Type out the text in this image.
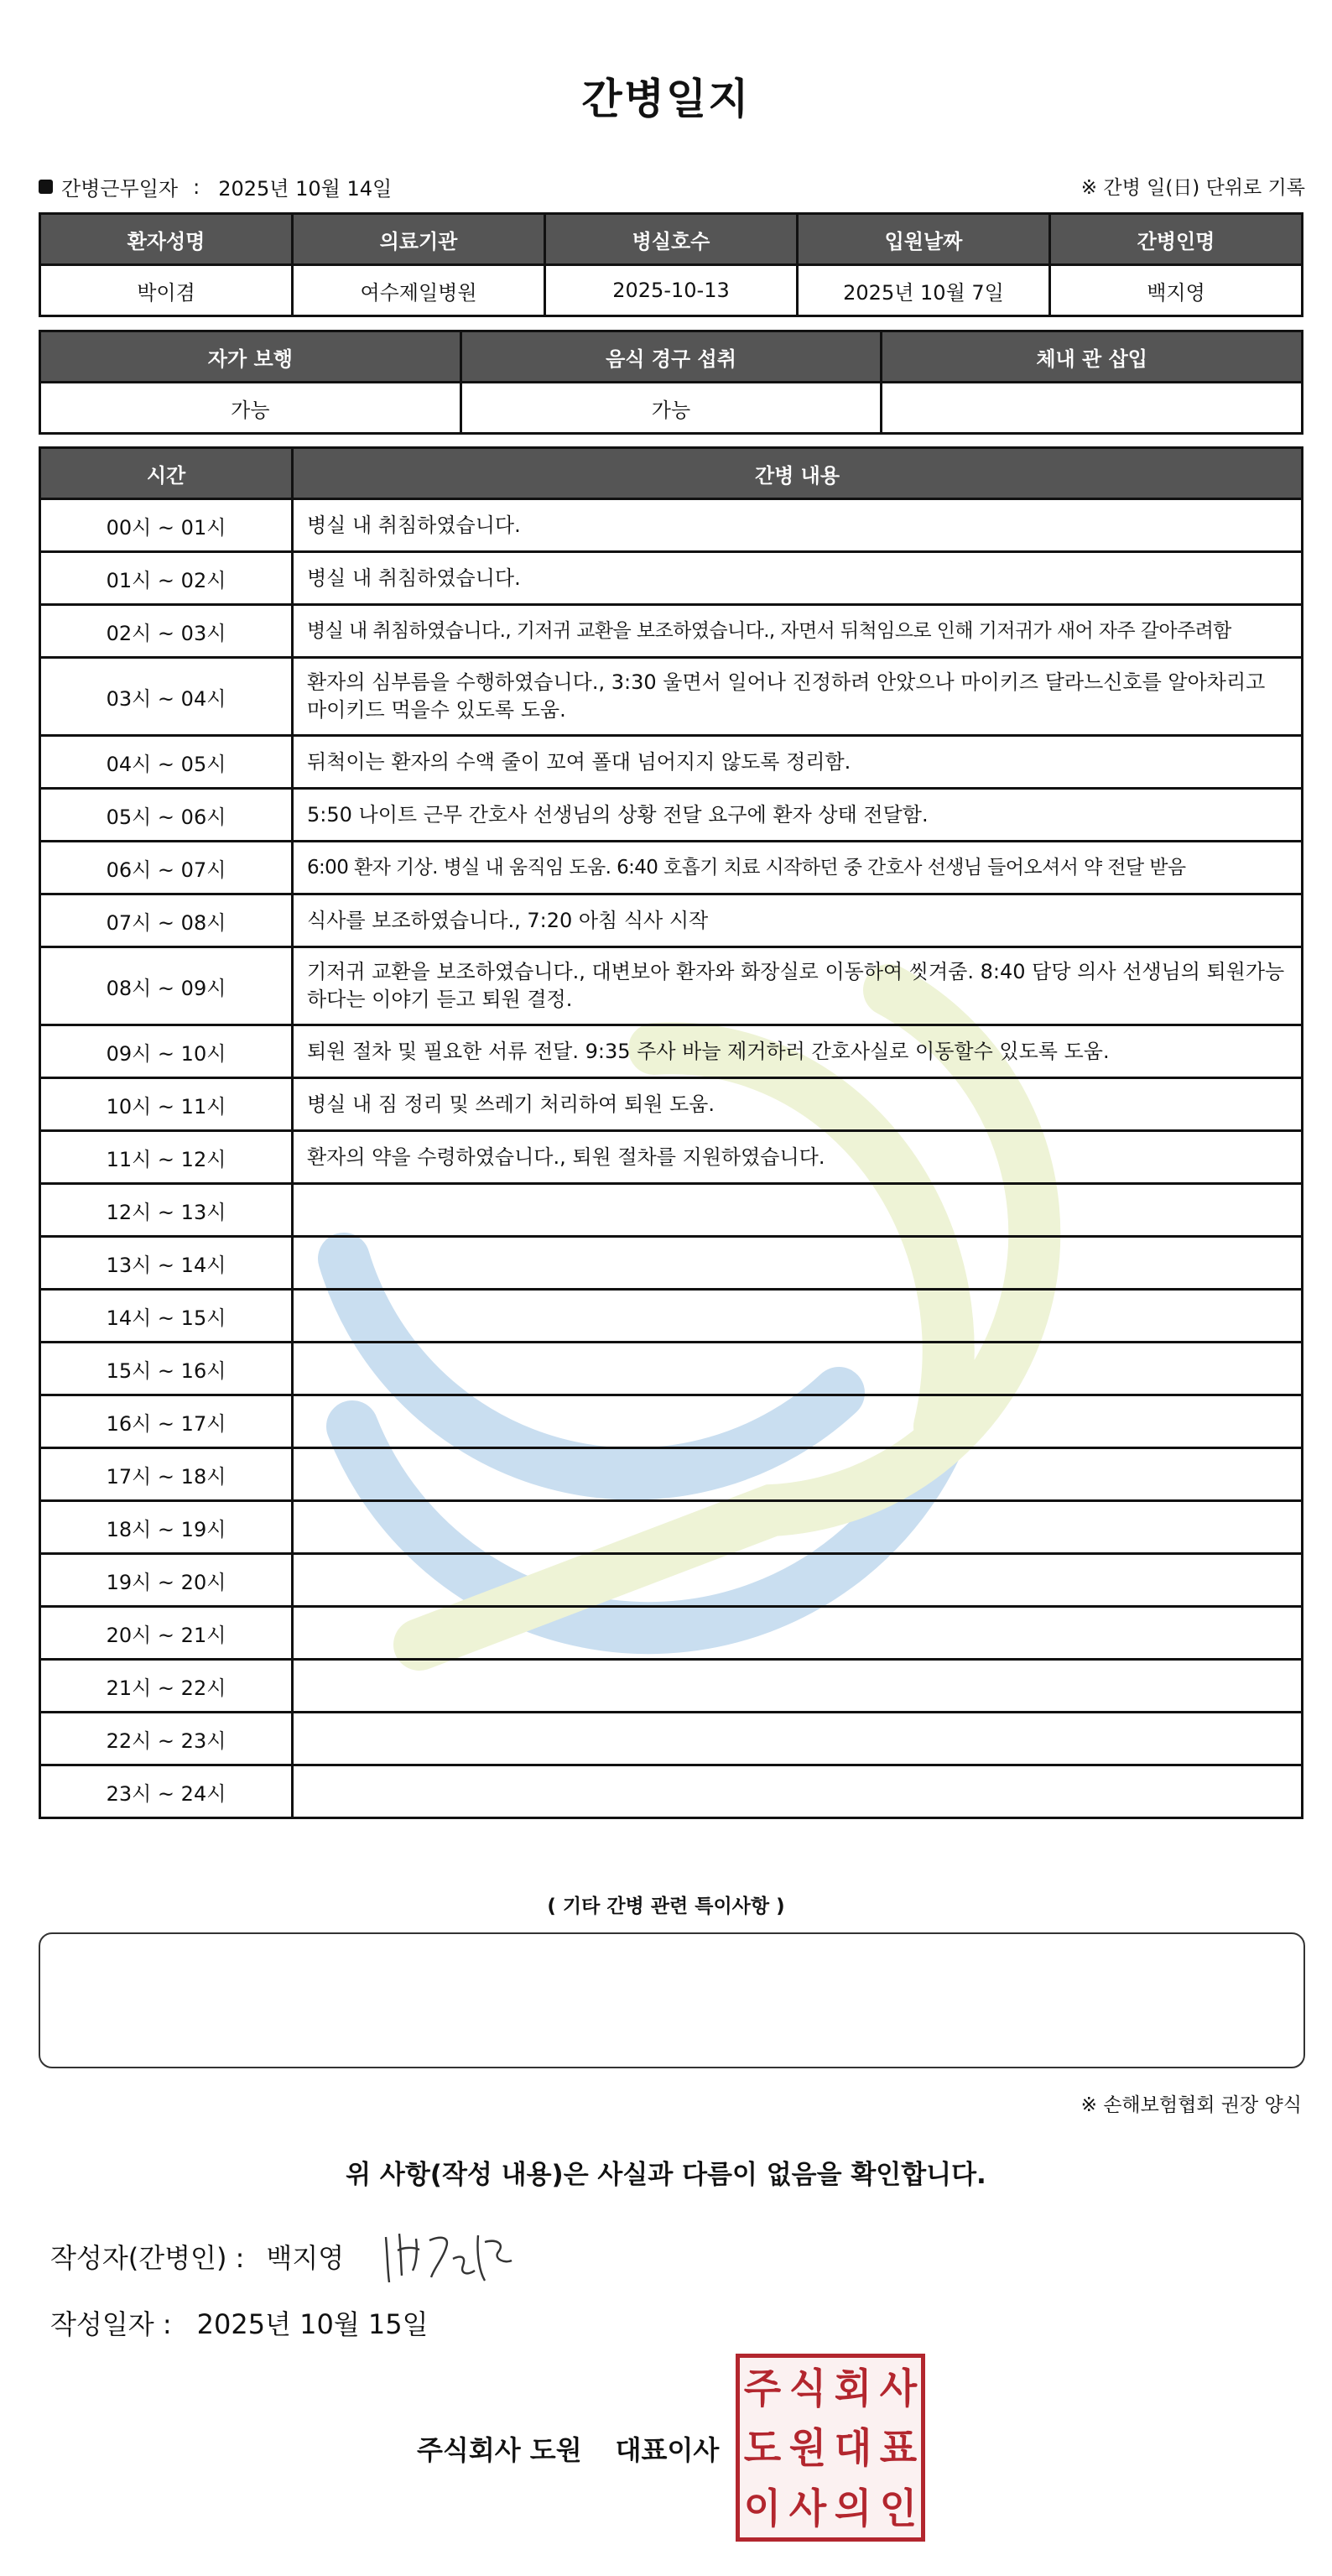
간병일지
간병근무일자 : 2025년 10월 14일	※ 간병 일(日) 단위로 기록
환자성명	의료기관	병실호수	입원날짜	간병인명
박이겸	여수제일병원	2025-10-13	2025년 10월 7일	백지영
자가 보행	음식 경구 섭취	체내 관 삽입
가능	가능	
시간	간병 내용
00시 ~ 01시	병실 내 취침하였습니다.
01시 ~ 02시	병실 내 취침하였습니다.
02시 ~ 03시	병실 내 취침하였습니다., 기저귀 교환을 보조하였습니다., 자면서 뒤척임으로 인해 기저귀가 새어 자주 갈아주려함
03시 ~ 04시	환자의 심부름을 수행하였습니다., 3:30 울면서 일어나 진정하려 안았으나 마이키즈 달라느신호를 알아차리고 마이키드 먹을수 있도록 도움.
04시 ~ 05시	뒤척이는 환자의 수액 줄이 꼬여 폴대 넘어지지 않도록 정리함.
05시 ~ 06시	5:50 나이트 근무 간호사 선생님의 상황 전달 요구에 환자 상태 전달함.
06시 ~ 07시	6:00 환자 기상. 병실 내 움직임 도움. 6:40 호흡기 치료 시작하던 중 간호사 선생님 들어오셔서 약 전달 받음
07시 ~ 08시	식사를 보조하였습니다., 7:20 아침 식사 시작
08시 ~ 09시	기저귀 교환을 보조하였습니다., 대변보아 환자와 화장실로 이동하여 씻겨줌. 8:40 담당 의사 선생님의 퇴원가능하다는 이야기 듣고 퇴원 결정.
09시 ~ 10시	퇴원 절차 및 필요한 서류 전달. 9:35 주사 바늘 제거하러 간호사실로 이동할수 있도록 도움.
10시 ~ 11시	병실 내 짐 정리 및 쓰레기 처리하여 퇴원 도움.
11시 ~ 12시	환자의 약을 수령하였습니다., 퇴원 절차를 지원하였습니다.
12시 ~ 13시	
13시 ~ 14시	
14시 ~ 15시	
15시 ~ 16시	
16시 ~ 17시	
17시 ~ 18시	
18시 ~ 19시	
19시 ~ 20시	
20시 ~ 21시	
21시 ~ 22시	
22시 ~ 23시	
23시 ~ 24시	
( 기타 간병 관련 특이사항 )
※ 손해보험협회 권장 양식
위 사항(작성 내용)은 사실과 다름이 없음을 확인합니다.
작성자(간병인) : 백지영
작성일자 : 2025년 10월 15일
주식회사 도원 대표이사
주 식 회 사
도 원 대 표
이 사 의 인
